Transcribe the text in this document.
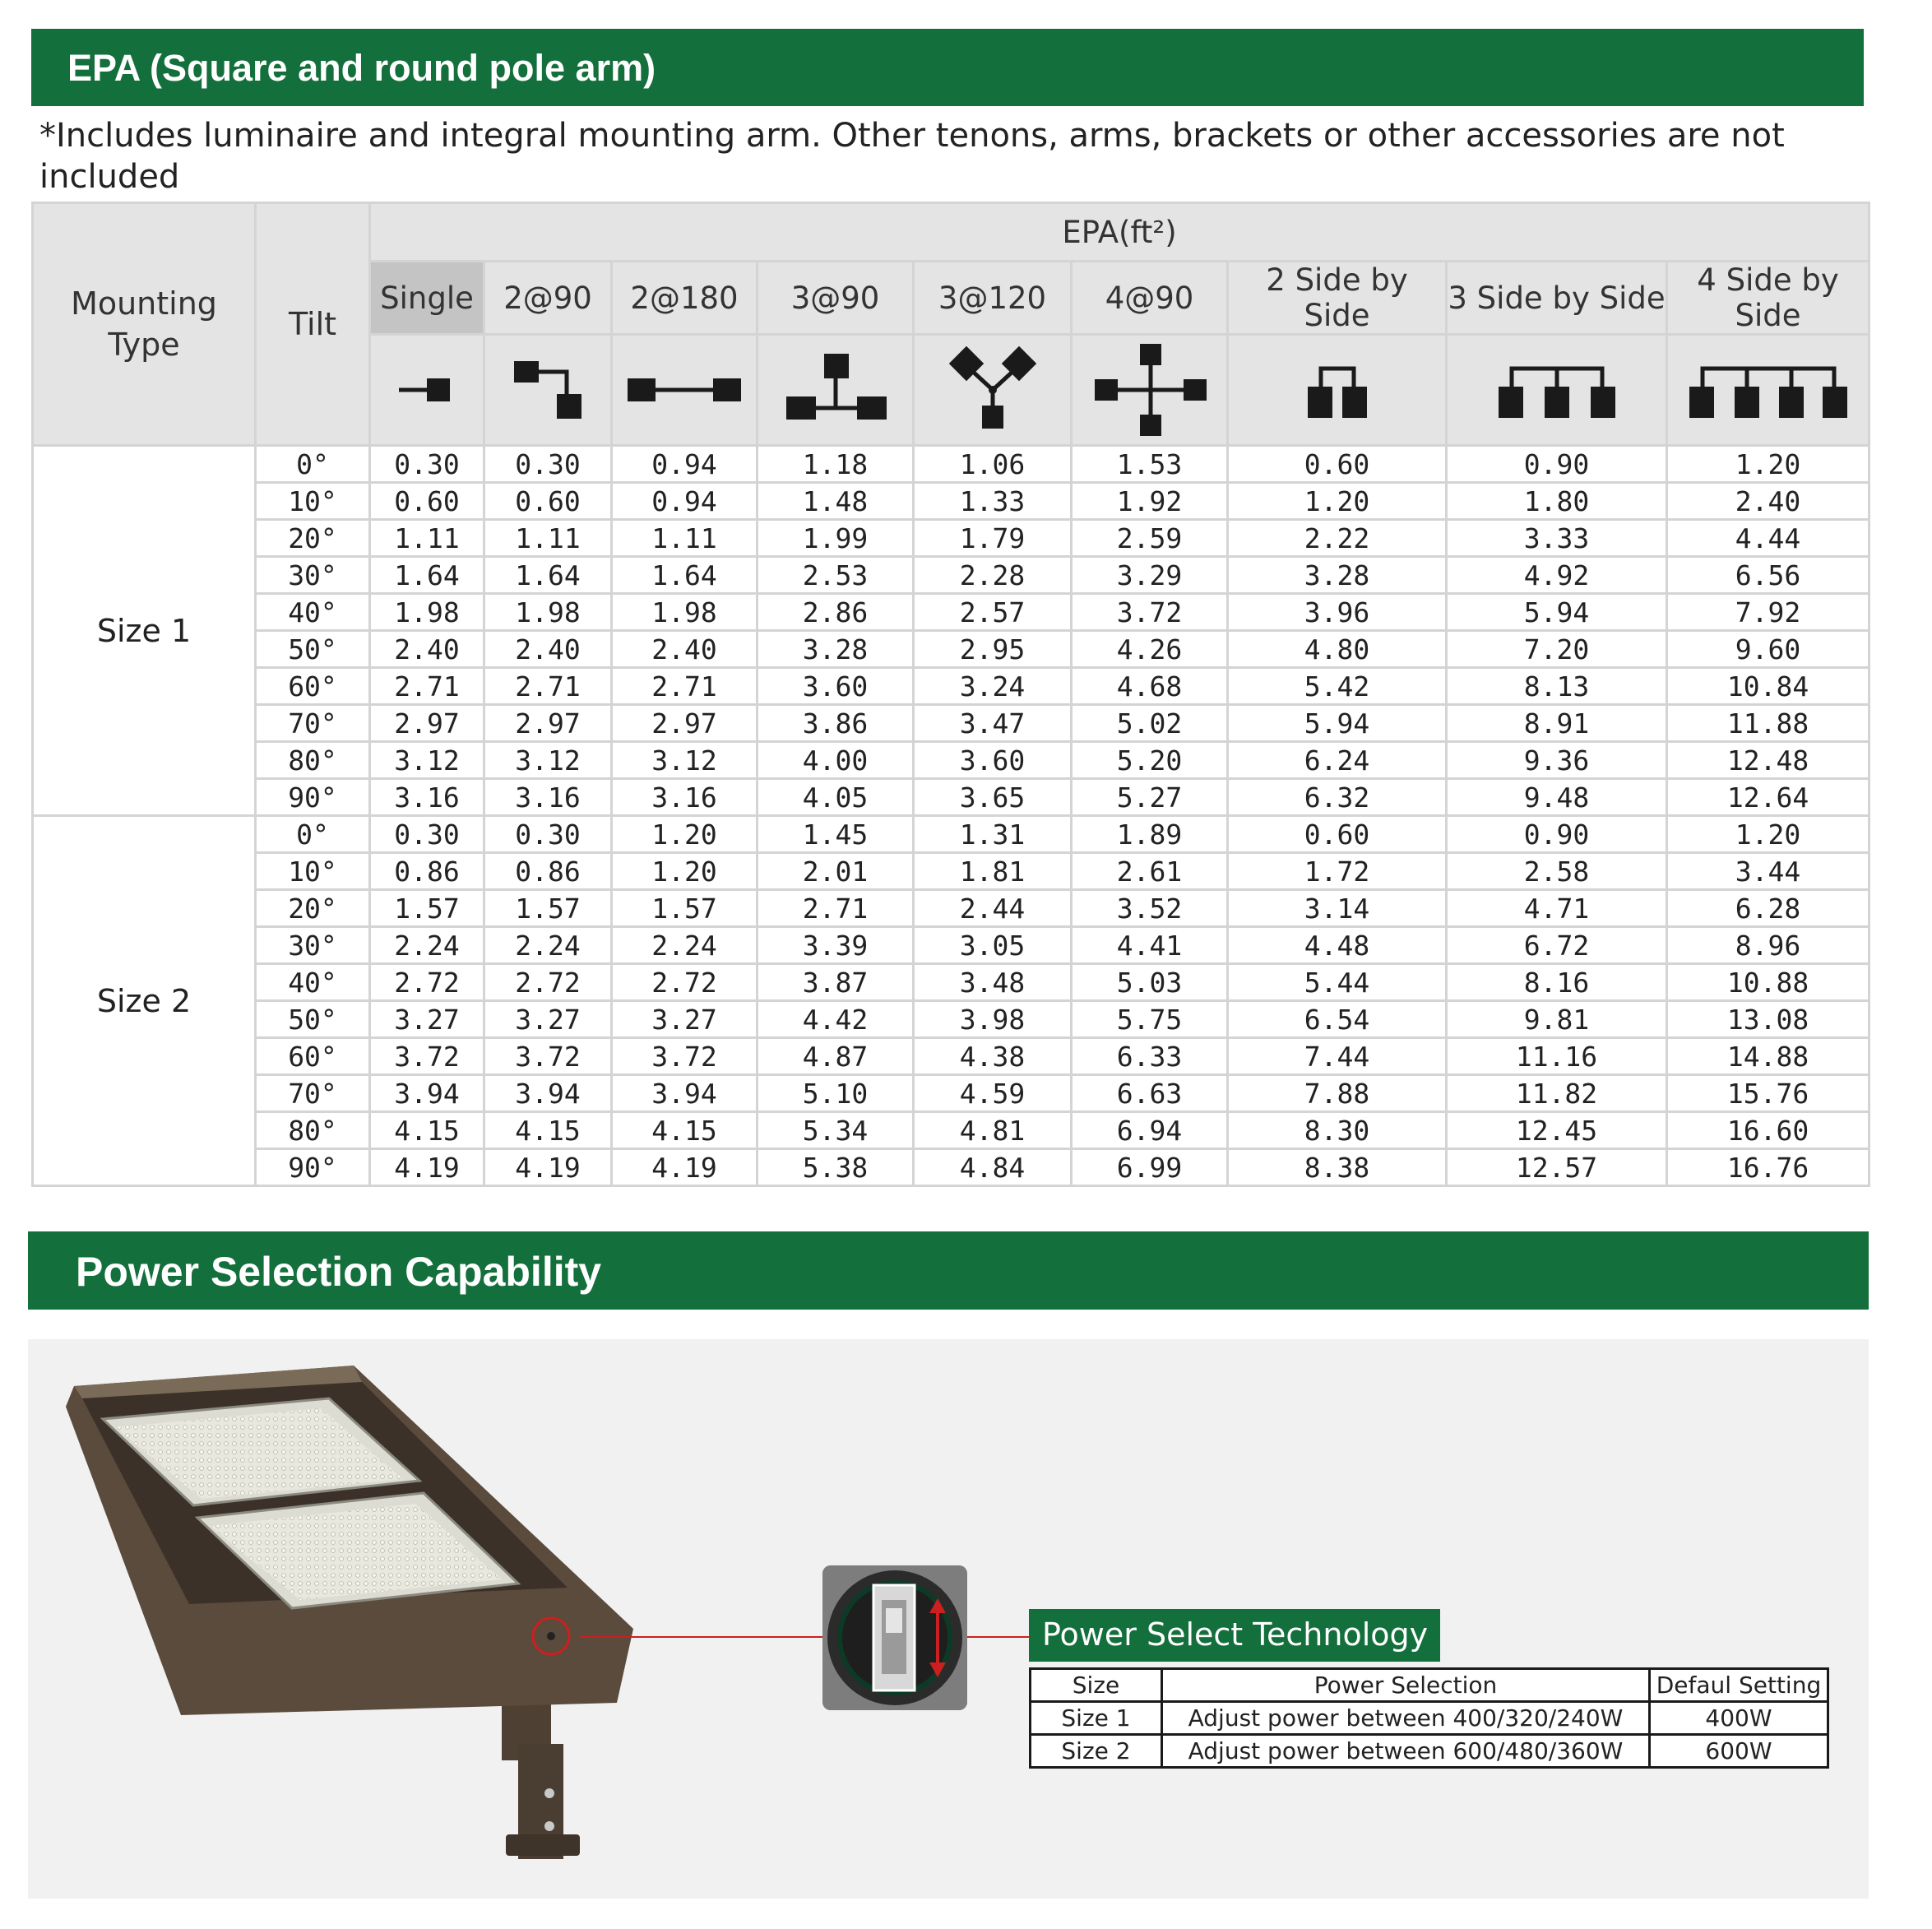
EPA (Square and round pole arm)
*Includes luminaire and integral mounting arm. Other tenons, arms, brackets or other accessories are not included
Mounting
Type	Tilt	EPA(ft²)								
		Single	2@90	2@180	3@90	3@120	4@90	2 Side by Side	3 Side by Side	4 Side by Side

Size 1	0°	0.30	0.30	0.94	1.18	1.06	1.53	0.60	0.90	1.20
	10°	0.60	0.60	0.94	1.48	1.33	1.92	1.20	1.80	2.40
	20°	1.11	1.11	1.11	1.99	1.79	2.59	2.22	3.33	4.44
	30°	1.64	1.64	1.64	2.53	2.28	3.29	3.28	4.92	6.56
	40°	1.98	1.98	1.98	2.86	2.57	3.72	3.96	5.94	7.92
	50°	2.40	2.40	2.40	3.28	2.95	4.26	4.80	7.20	9.60
	60°	2.71	2.71	2.71	3.60	3.24	4.68	5.42	8.13	10.84
	70°	2.97	2.97	2.97	3.86	3.47	5.02	5.94	8.91	11.88
	80°	3.12	3.12	3.12	4.00	3.60	5.20	6.24	9.36	12.48
	90°	3.16	3.16	3.16	4.05	3.65	5.27	6.32	9.48	12.64
Size 2	0°	0.30	0.30	1.20	1.45	1.31	1.89	0.60	0.90	1.20
	10°	0.86	0.86	1.20	2.01	1.81	2.61	1.72	2.58	3.44
	20°	1.57	1.57	1.57	2.71	2.44	3.52	3.14	4.71	6.28
	30°	2.24	2.24	2.24	3.39	3.05	4.41	4.48	6.72	8.96
	40°	2.72	2.72	2.72	3.87	3.48	5.03	5.44	8.16	10.88
	50°	3.27	3.27	3.27	4.42	3.98	5.75	6.54	9.81	13.08
	60°	3.72	3.72	3.72	4.87	4.38	6.33	7.44	11.16	14.88
	70°	3.94	3.94	3.94	5.10	4.59	6.63	7.88	11.82	15.76
	80°	4.15	4.15	4.15	5.34	4.81	6.94	8.30	12.45	16.60
	90°	4.19	4.19	4.19	5.38	4.84	6.99	8.38	12.57	16.76
Power Selection Capability
Power Select Technology
Size	Power Selection	Defaul Setting
Size 1	Adjust power between 400/320/240W	400W
Size 2	Adjust power between 600/480/360W	600W
